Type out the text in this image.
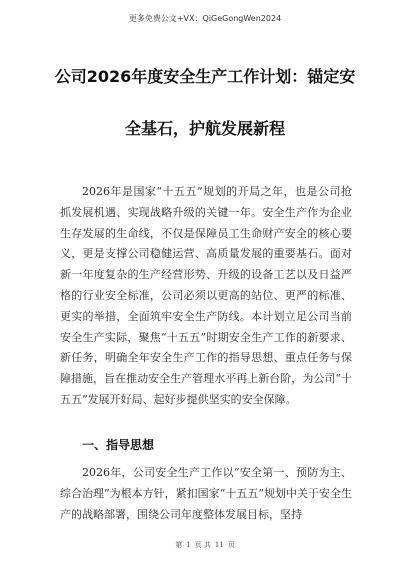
更多免费公文+VX：QiGeGongWen2024
公司2026年度安全生产工作计划：锚定安
全基石，护航发展新程
2026年是国家“十五五”规划的开局之年，也是公司抢抓发展机遇、实现战略升级的关键一年。安全生产作为企业生存发展的生命线，不仅是保障员工生命财产安全的核心要义，更是支撑公司稳健运营、高质量发展的重要基石。面对新一年度复杂的生产经营形势、升级的设备工艺以及日益严格的行业安全标准，公司必须以更高的站位、更严的标准、更实的举措，全面筑牢安全生产防线。本计划立足公司当前安全生产实际，聚焦“十五五”时期安全生产工作的新要求、新任务，明确全年安全生产工作的指导思想、重点任务与保障措施，旨在推动安全生产管理水平再上新台阶，为公司“十五五”发展开好局、起好步提供坚实的安全保障。
一、指导思想
2026年，公司安全生产工作以“安全第一、预防为主、综合治理”为根本方针，紧扣国家“十五五”规划中关于安全生产的战略部署，围绕公司年度整体发展目标，坚持
第 1 页 共 11 页
